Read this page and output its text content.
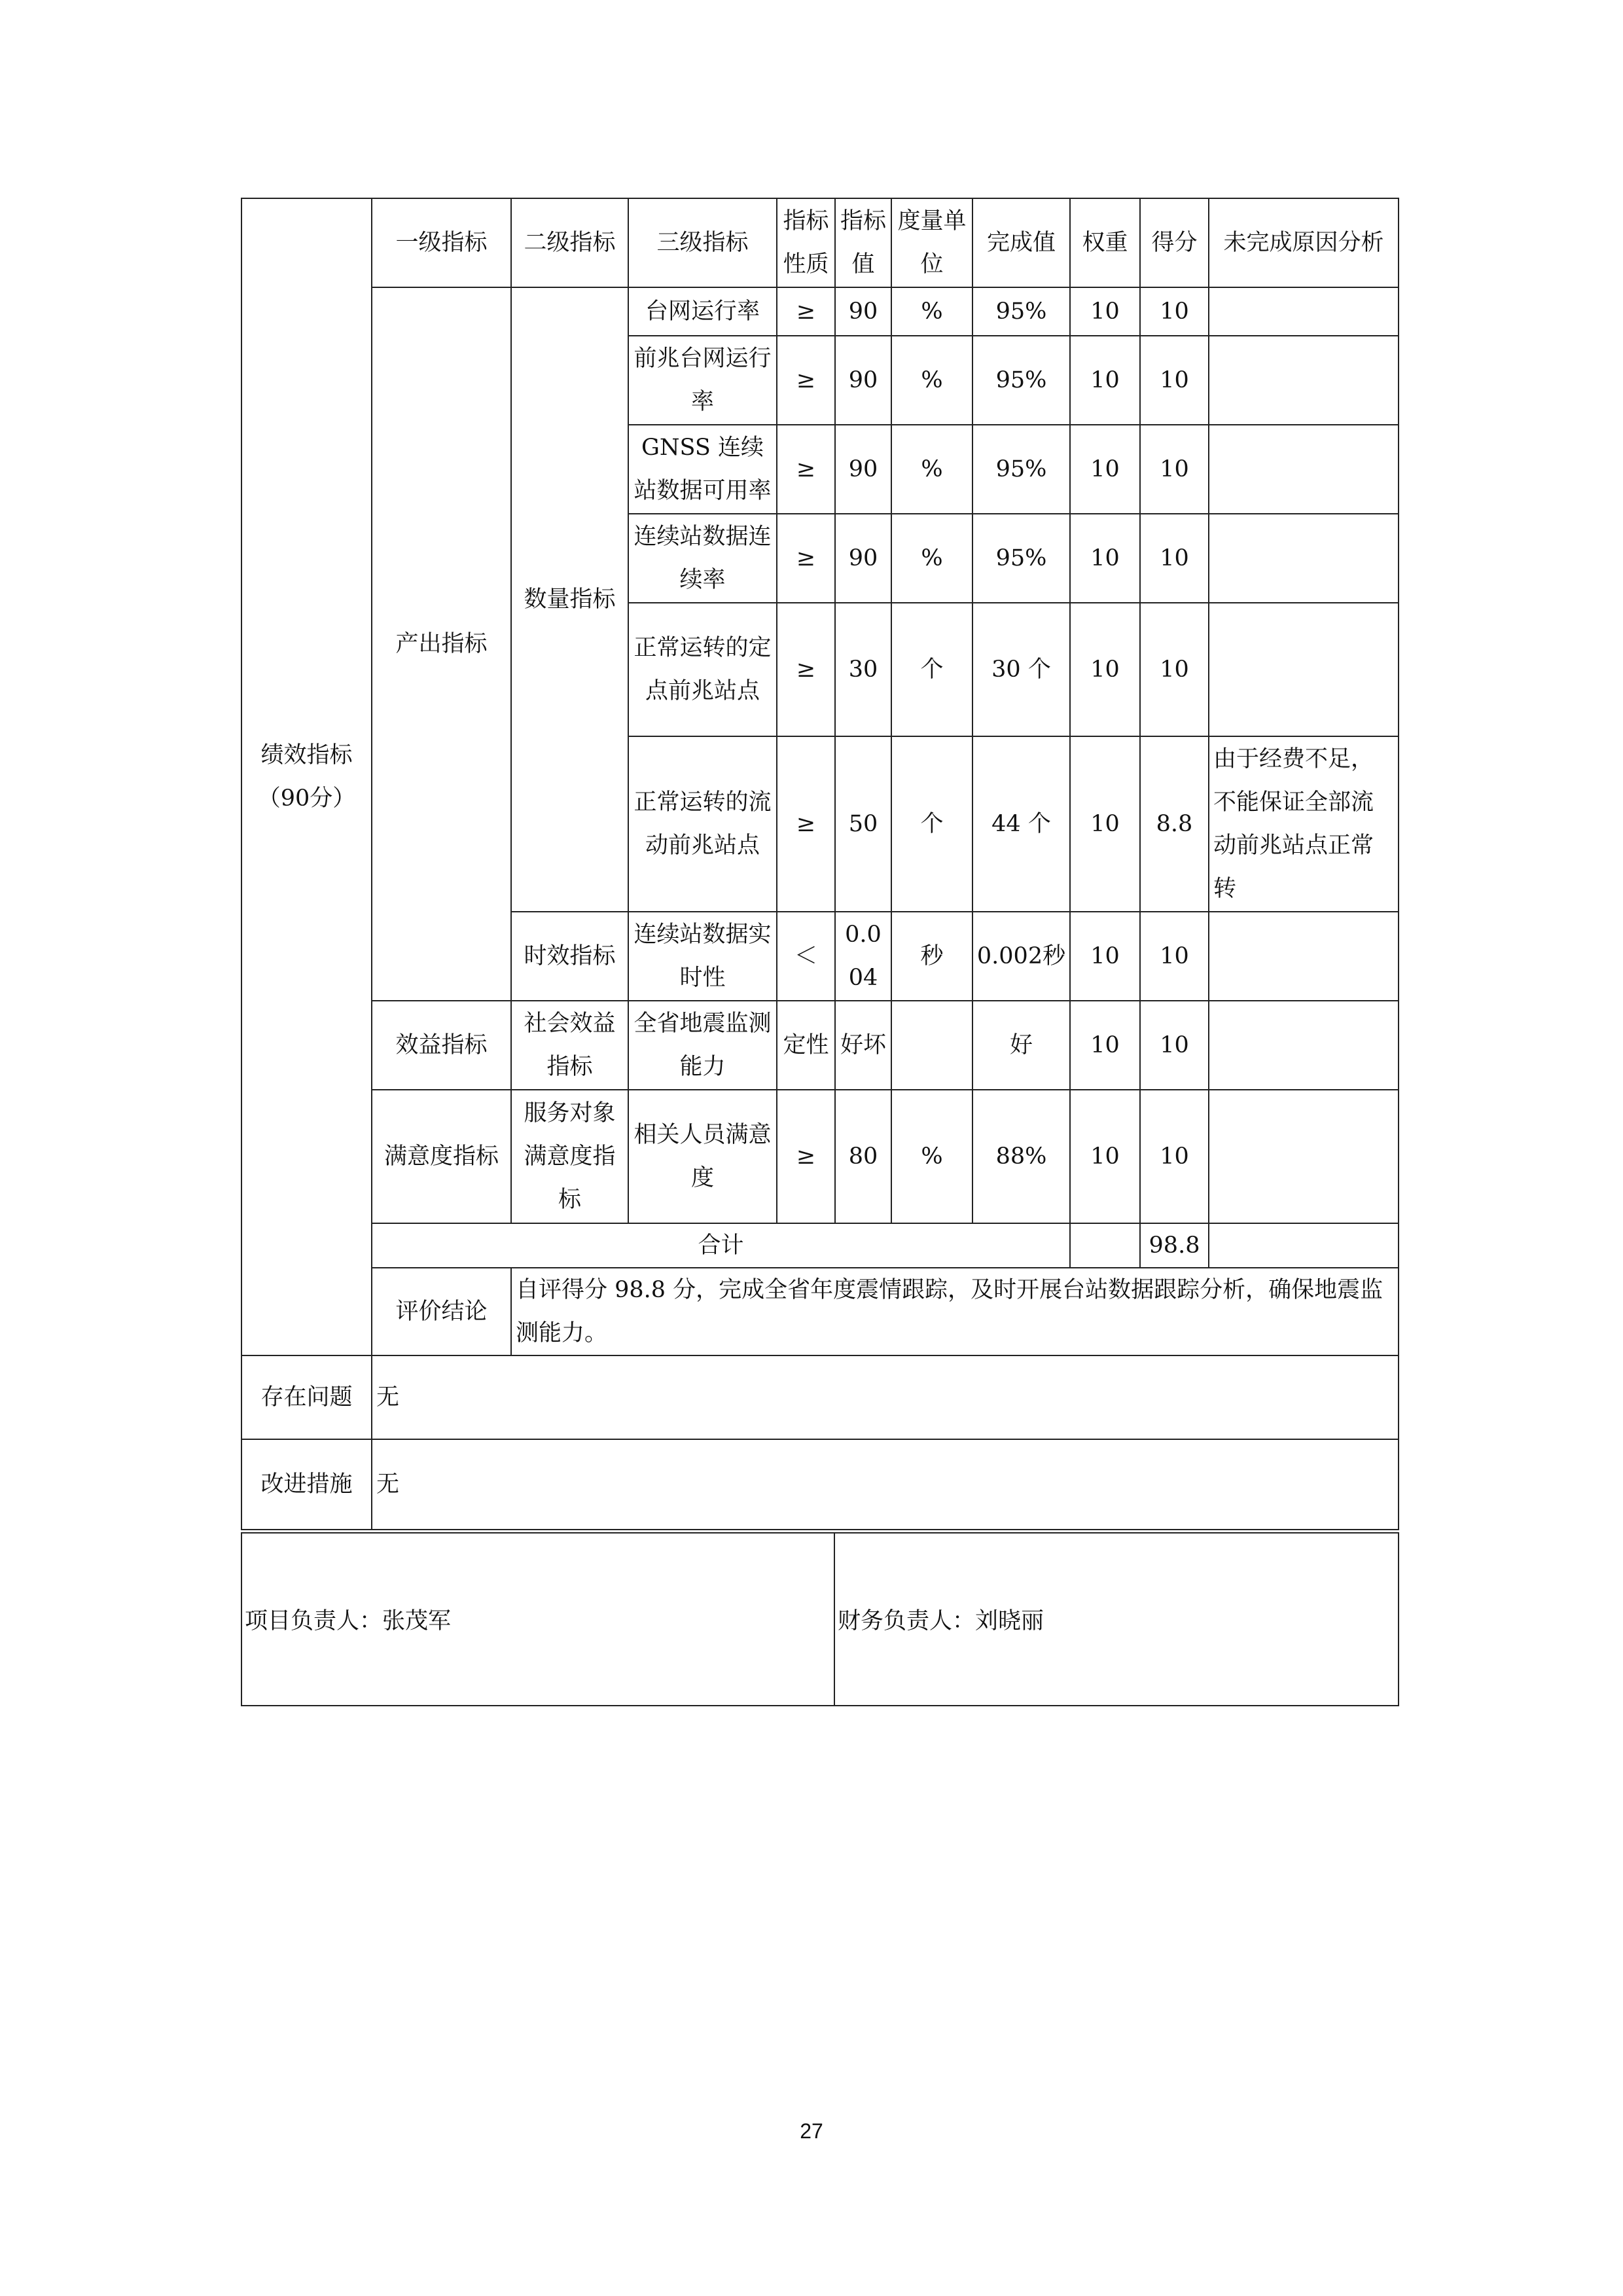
绩效指标（90分）	一级指标	二级指标	三级指标	指标性质	指标值	度量单位	完成值	权重	得分	未完成原因分析
	产出指标	数量指标	台网运行率	≥	90	%	95%	10	10	
			前兆台网运行率	≥	90	%	95%	10	10	
			GNSS 连续站数据可用率	≥	90	%	95%	10	10	
			连续站数据连续率	≥	90	%	95%	10	10	
			正常运转的定点前兆站点	≥	30	个	30 个	10	10	
			正常运转的流动前兆站点	≥	50	个	44 个	10	8.8	由于经费不足，不能保证全部流动前兆站点正常转
		时效指标	连续站数据实时性	＜	0.004	秒	0.002秒	10	10	
	效益指标	社会效益指标	全省地震监测能力	定性	好坏		好	10	10	
	满意度指标	服务对象满意度指标	相关人员满意度	≥	80	%	88%	10	10	
	合计								98.8	
	评价结论	自评得分 98.8 分，完成全省年度震情跟踪，及时开展台站数据跟踪分析，确保地震监测能力。								
存在问题	无									
改进措施	无									
项目负责人：张茂军	财务负责人：刘晓丽
27
